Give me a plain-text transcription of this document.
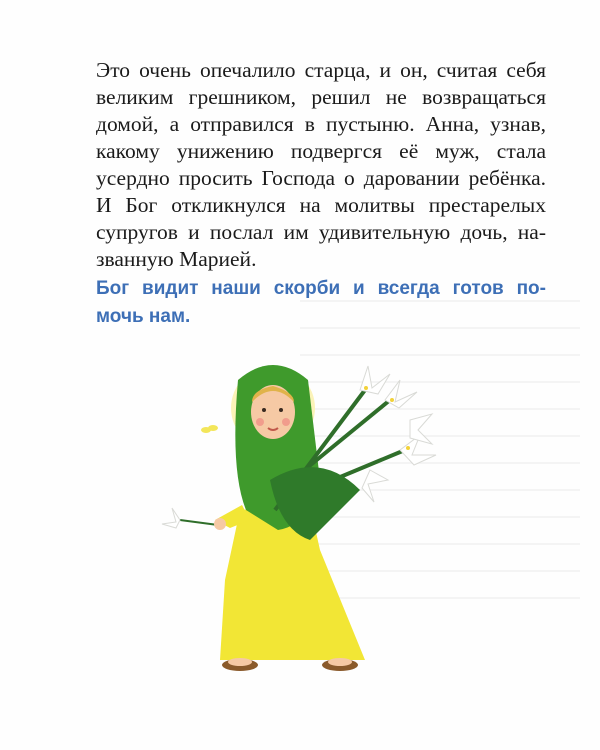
Это очень опечалило старца, и он, считая себя
великим грешником, решил не возвращаться
домой, а отправился в пустыню. Анна, узнав,
какому унижению подвергся её муж, стала
усердно просить Господа о даровании ребёнка.
И Бог откликнулся на молитвы престарелых
супругов и послал им удивительную дочь, на-
званную Марией.
Бог видит наши скорби и всегда готов по-
мочь нам.
